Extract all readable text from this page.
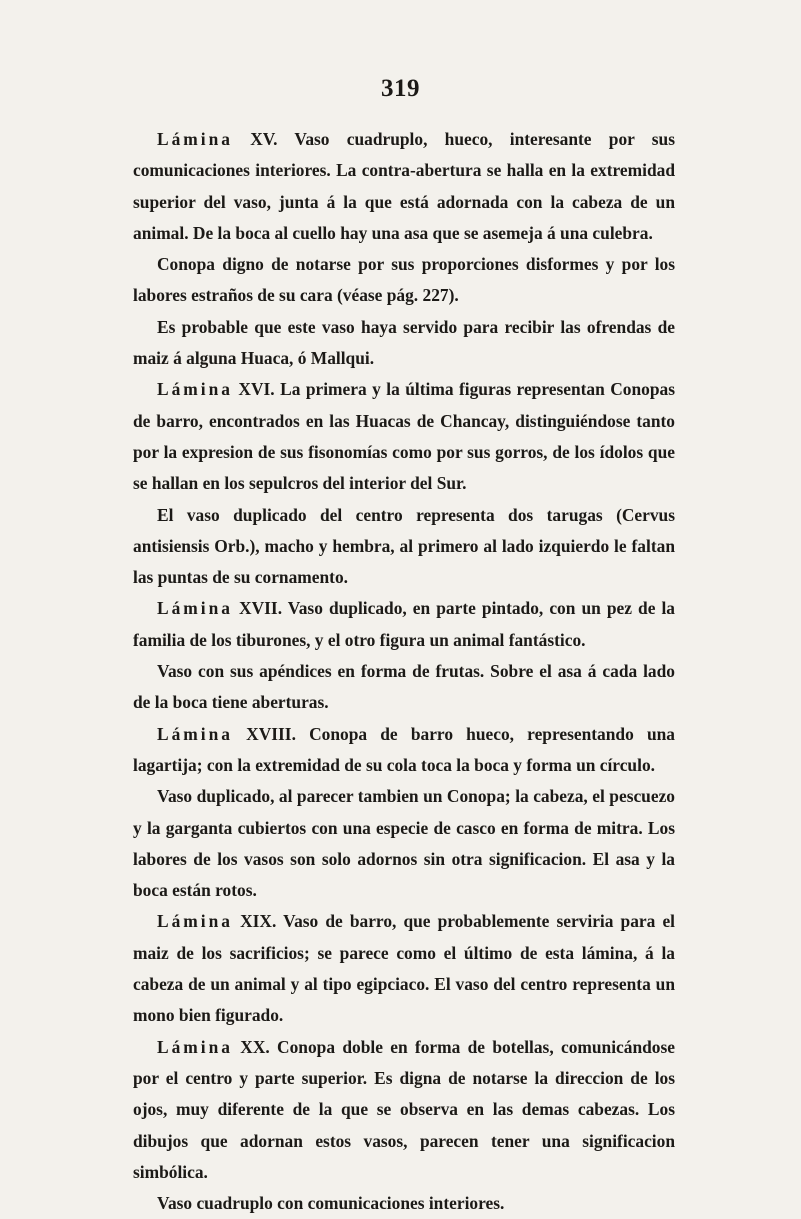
319

Lámina XV. Vaso cuadruplo, hueco, interesante por sus comunicaciones interiores. La contra-abertura se halla en la extremidad superior del vaso, junta á la que está adornada con la cabeza de un animal. De la boca al cuello hay una asa que se asemeja á una culebra.

Conopa digno de notarse por sus proporciones disformes y por los labores estraños de su cara (véase pág. 227).

Es probable que este vaso haya servido para recibir las ofrendas de maiz á alguna Huaca, ó Mallqui.

Lámina XVI. La primera y la última figuras representan Conopas de barro, encontrados en las Huacas de Chancay, distinguiéndose tanto por la expresion de sus fisonomías como por sus gorros, de los ídolos que se hallan en los sepulcros del interior del Sur.

El vaso duplicado del centro representa dos tarugas (Cervus antisiensis Orb.), macho y hembra, al primero al lado izquierdo le faltan las puntas de su cornamento.

Lámina XVII. Vaso duplicado, en parte pintado, con un pez de la familia de los tiburones, y el otro figura un animal fantástico.

Vaso con sus apéndices en forma de frutas. Sobre el asa á cada lado de la boca tiene aberturas.

Lámina XVIII. Conopa de barro hueco, representando una lagartija; con la extremidad de su cola toca la boca y forma un círculo.

Vaso duplicado, al parecer tambien un Conopa; la cabeza, el pescuezo y la garganta cubiertos con una especie de casco en forma de mitra. Los labores de los vasos son solo adornos sin otra significacion. El asa y la boca están rotos.

Lámina XIX. Vaso de barro, que probablemente serviria para el maiz de los sacrificios; se parece como el último de esta lámina, á la cabeza de un animal y al tipo egipciaco. El vaso del centro representa un mono bien figurado.

Lámina XX. Conopa doble en forma de botellas, comunicándose por el centro y parte superior. Es digna de notarse la direccion de los ojos, muy diferente de la que se observa en las demas cabezas. Los dibujos que adornan estos vasos, parecen tener una significacion simbólica.

Vaso cuadruplo con comunicaciones interiores.
